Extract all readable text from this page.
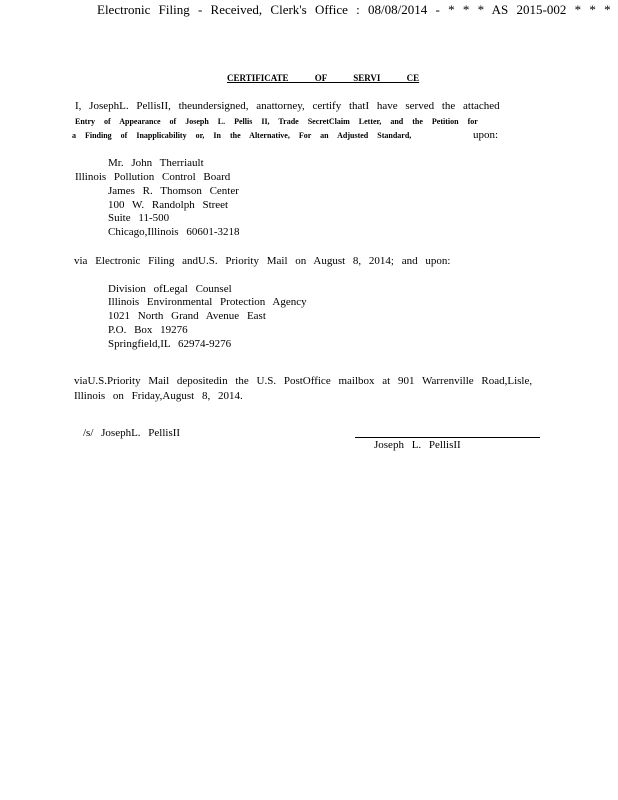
Electronic Filing - Received, Clerk's Office : 08/08/2014 - * * * AS 2015-002 * * *
CERTIFICATE OF SERVI CE
I, JosephL. PellisII, theundersigned, anattorney, certify thatI have served the attached
Entry of Appearance of Joseph L. Pellis II, Trade SecretClaim Letter, and the Petition for
a Finding of Inapplicability or, In the Alternative, For an Adjusted Standard,	upon:
Mr. John Therriault
Illinois Pollution Control Board
James R. Thomson Center
100 W. Randolph Street
Suite 11-500
Chicago,Illinois 60601-3218
via Electronic Filing andU.S. Priority Mail on August 8, 2014; and upon:
Division ofLegal Counsel
Illinois Environmental Protection Agency
1021 North Grand Avenue East
P.O. Box 19276
Springfield,IL 62974-9276
viaU.S.Priority Mail depositedin the U.S. PostOffice mailbox at 901 Warrenville Road,Lisle,
Illinois on Friday,August 8, 2014.
/s/ JosephL. PellisII
Joseph L. PellisII
